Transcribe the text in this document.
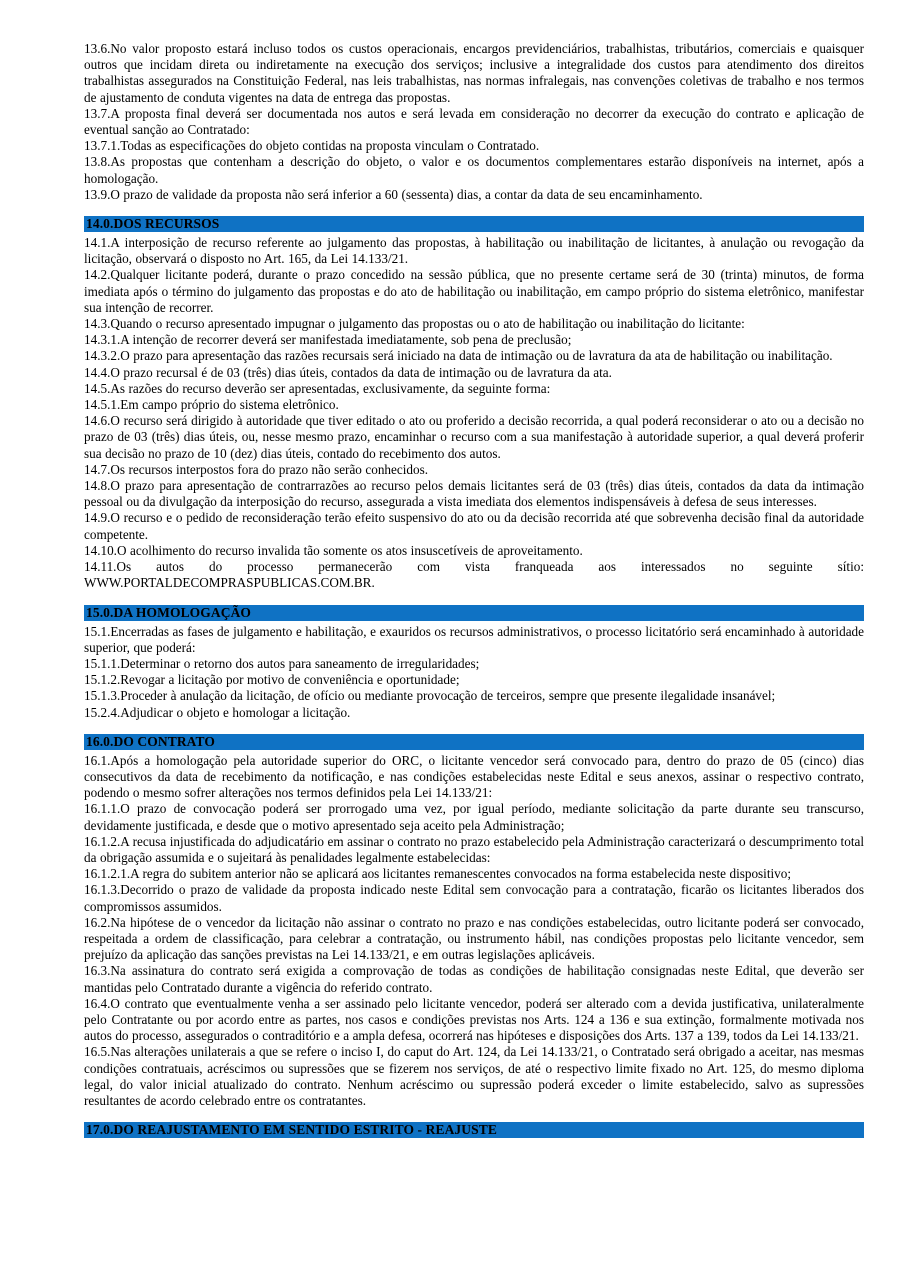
13.6.No valor proposto estará incluso todos os custos operacionais, encargos previdenciários, trabalhistas, tributários, comerciais e quaisquer outros que incidam direta ou indiretamente na execução dos serviços; inclusive a integralidade dos custos para atendimento dos direitos trabalhistas assegurados na Constituição Federal, nas leis trabalhistas, nas normas infralegais, nas convenções coletivas de trabalho e nos termos de ajustamento de conduta vigentes na data de entrega das propostas.

13.7.A proposta final deverá ser documentada nos autos e será levada em consideração no decorrer da execução do contrato e aplicação de eventual sanção ao Contratado:

13.7.1.Todas as especificações do objeto contidas na proposta vinculam o Contratado.

13.8.As propostas que contenham a descrição do objeto, o valor e os documentos complementares estarão disponíveis na internet, após a homologação.

13.9.O prazo de validade da proposta não será inferior a 60 (sessenta) dias, a contar da data de seu encaminhamento.

14.0.DOS RECURSOS

14.1.A interposição de recurso referente ao julgamento das propostas, à habilitação ou inabilitação de licitantes, à anulação ou revogação da licitação, observará o disposto no Art. 165, da Lei 14.133/21.

14.2.Qualquer licitante poderá, durante o prazo concedido na sessão pública, que no presente certame será de 30 (trinta) minutos, de forma imediata após o término do julgamento das propostas e do ato de habilitação ou inabilitação, em campo próprio do sistema eletrônico, manifestar sua intenção de recorrer.

14.3.Quando o recurso apresentado impugnar o julgamento das propostas ou o ato de habilitação ou inabilitação do licitante:

14.3.1.A intenção de recorrer deverá ser manifestada imediatamente, sob pena de preclusão;

14.3.2.O prazo para apresentação das razões recursais será iniciado na data de intimação ou de lavratura da ata de habilitação ou inabilitação.

14.4.O prazo recursal é de 03 (três) dias úteis, contados da data de intimação ou de lavratura da ata.

14.5.As razões do recurso deverão ser apresentadas, exclusivamente, da seguinte forma:

14.5.1.Em campo próprio do sistema eletrônico.

14.6.O recurso será dirigido à autoridade que tiver editado o ato ou proferido a decisão recorrida, a qual poderá reconsiderar o ato ou a decisão no prazo de 03 (três) dias úteis, ou, nesse mesmo prazo, encaminhar o recurso com a sua manifestação à autoridade superior, a qual deverá proferir sua decisão no prazo de 10 (dez) dias úteis, contado do recebimento dos autos.

14.7.Os recursos interpostos fora do prazo não serão conhecidos.

14.8.O prazo para apresentação de contrarrazões ao recurso pelos demais licitantes será de 03 (três) dias úteis, contados da data da intimação pessoal ou da divulgação da interposição do recurso, assegurada a vista imediata dos elementos indispensáveis à defesa de seus interesses.

14.9.O recurso e o pedido de reconsideração terão efeito suspensivo do ato ou da decisão recorrida até que sobrevenha decisão final da autoridade competente.

14.10.O acolhimento do recurso invalida tão somente os atos insuscetíveis de aproveitamento.

14.11.Os autos do processo permanecerão com vista franqueada aos interessados no seguinte sítio: WWW.PORTALDECOMPRASPUBLICAS.COM.BR.

15.0.DA HOMOLOGAÇÃO

15.1.Encerradas as fases de julgamento e habilitação, e exauridos os recursos administrativos, o processo licitatório será encaminhado à autoridade superior, que poderá:

15.1.1.Determinar o retorno dos autos para saneamento de irregularidades;

15.1.2.Revogar a licitação por motivo de conveniência e oportunidade;

15.1.3.Proceder à anulação da licitação, de ofício ou mediante provocação de terceiros, sempre que presente ilegalidade insanável;

15.2.4.Adjudicar o objeto e homologar a licitação.

16.0.DO CONTRATO

16.1.Após a homologação pela autoridade superior do ORC, o licitante vencedor será convocado para, dentro do prazo de 05 (cinco) dias consecutivos da data de recebimento da notificação, e nas condições estabelecidas neste Edital e seus anexos, assinar o respectivo contrato, podendo o mesmo sofrer alterações nos termos definidos pela Lei 14.133/21:

16.1.1.O prazo de convocação poderá ser prorrogado uma vez, por igual período, mediante solicitação da parte durante seu transcurso, devidamente justificada, e desde que o motivo apresentado seja aceito pela Administração;

16.1.2.A recusa injustificada do adjudicatário em assinar o contrato no prazo estabelecido pela Administração caracterizará o descumprimento total da obrigação assumida e o sujeitará às penalidades legalmente estabelecidas:

16.1.2.1.A regra do subitem anterior não se aplicará aos licitantes remanescentes convocados na forma estabelecida neste dispositivo;

16.1.3.Decorrido o prazo de validade da proposta indicado neste Edital sem convocação para a contratação, ficarão os licitantes liberados dos compromissos assumidos.

16.2.Na hipótese de o vencedor da licitação não assinar o contrato no prazo e nas condições estabelecidas, outro licitante poderá ser convocado, respeitada a ordem de classificação, para celebrar a contratação, ou instrumento hábil, nas condições propostas pelo licitante vencedor, sem prejuízo da aplicação das sanções previstas na Lei 14.133/21, e em outras legislações aplicáveis.

16.3.Na assinatura do contrato será exigida a comprovação de todas as condições de habilitação consignadas neste Edital, que deverão ser mantidas pelo Contratado durante a vigência do referido contrato.

16.4.O contrato que eventualmente venha a ser assinado pelo licitante vencedor, poderá ser alterado com a devida justificativa, unilateralmente pelo Contratante ou por acordo entre as partes, nos casos e condições previstas nos Arts. 124 a 136 e sua extinção, formalmente motivada nos autos do processo, assegurados o contraditório e a ampla defesa, ocorrerá nas hipóteses e disposições dos Arts. 137 a 139, todos da Lei 14.133/21.

16.5.Nas alterações unilaterais a que se refere o inciso I, do caput do Art. 124, da Lei 14.133/21, o Contratado será obrigado a aceitar, nas mesmas condições contratuais, acréscimos ou supressões que se fizerem nos serviços, de até o respectivo limite fixado no Art. 125, do mesmo diploma legal, do valor inicial atualizado do contrato. Nenhum acréscimo ou supressão poderá exceder o limite estabelecido, salvo as supressões resultantes de acordo celebrado entre os contratantes.

17.0.DO REAJUSTAMENTO EM SENTIDO ESTRITO - REAJUSTE
